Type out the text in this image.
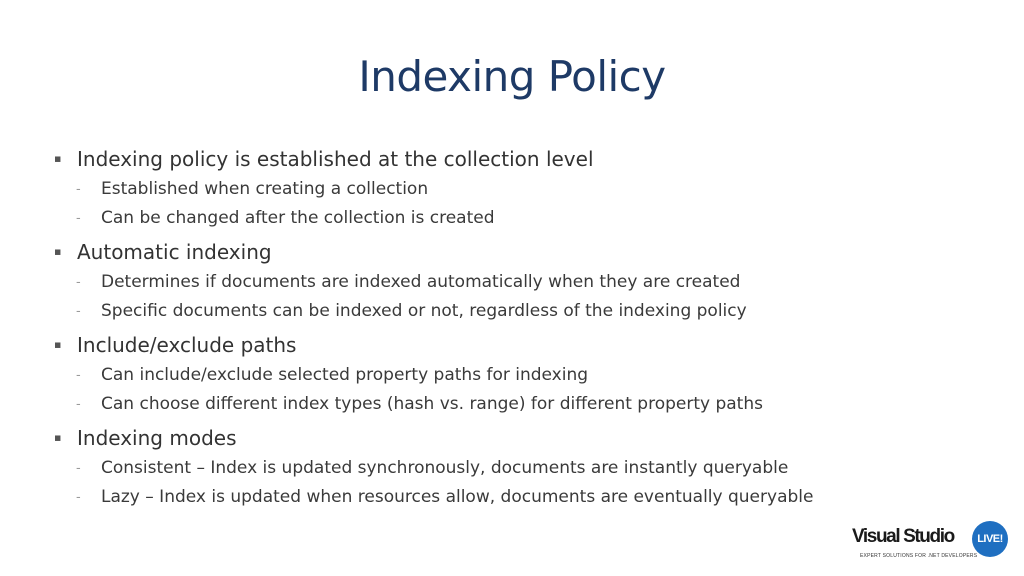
Indexing Policy
▪ Indexing policy is established at the collection level
- Established when creating a collection
- Can be changed after the collection is created
▪ Automatic indexing
- Determines if documents are indexed automatically when they are created
- Specific documents can be indexed or not, regardless of the indexing policy
▪ Include/exclude paths
- Can include/exclude selected property paths for indexing
- Can choose different index types (hash vs. range) for different property paths
▪ Indexing modes
- Consistent – Index is updated synchronously, documents are instantly queryable
- Lazy – Index is updated when resources allow, documents are eventually queryable
Visual Studio	LIVE!
EXPERT SOLUTIONS FOR .NET DEVELOPERS
